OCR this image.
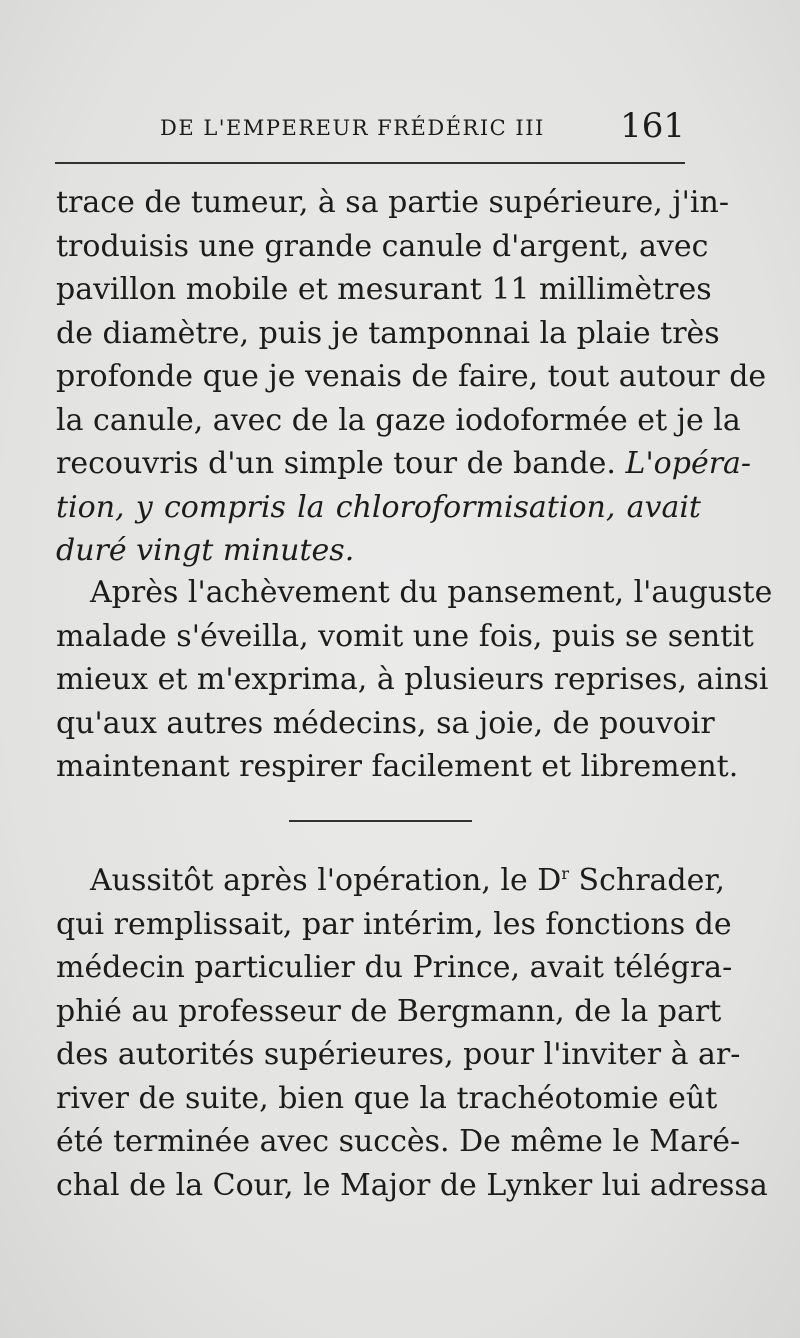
DE L'EMPEREUR FRÉDÉRIC III 161
trace de tumeur, à sa partie supérieure, j'in-
troduisis une grande canule d'argent, avec
pavillon mobile et mesurant 11 millimètres
de diamètre, puis je tamponnai la plaie très
profonde que je venais de faire, tout autour de
la canule, avec de la gaze iodoformée et je la
recouvris d'un simple tour de bande. L'opéra-
tion, y compris la chloroformisation, avait
duré vingt minutes.
Après l'achèvement du pansement, l'auguste
malade s'éveilla, vomit une fois, puis se sentit
mieux et m'exprima, à plusieurs reprises, ainsi
qu'aux autres médecins, sa joie, de pouvoir
maintenant respirer facilement et librement.
Aussitôt après l'opération, le $D^r$ Schrader,
qui remplissait, par intérim, les fonctions de
médecin particulier du Prince, avait télégra-
phié au professeur de Bergmann, de la part
des autorités supérieures, pour l'inviter à ar-
river de suite, bien que la trachéotomie eût
été terminée avec succès. De même le Maré-
chal de la Cour, le Major de Lynker lui adressa
